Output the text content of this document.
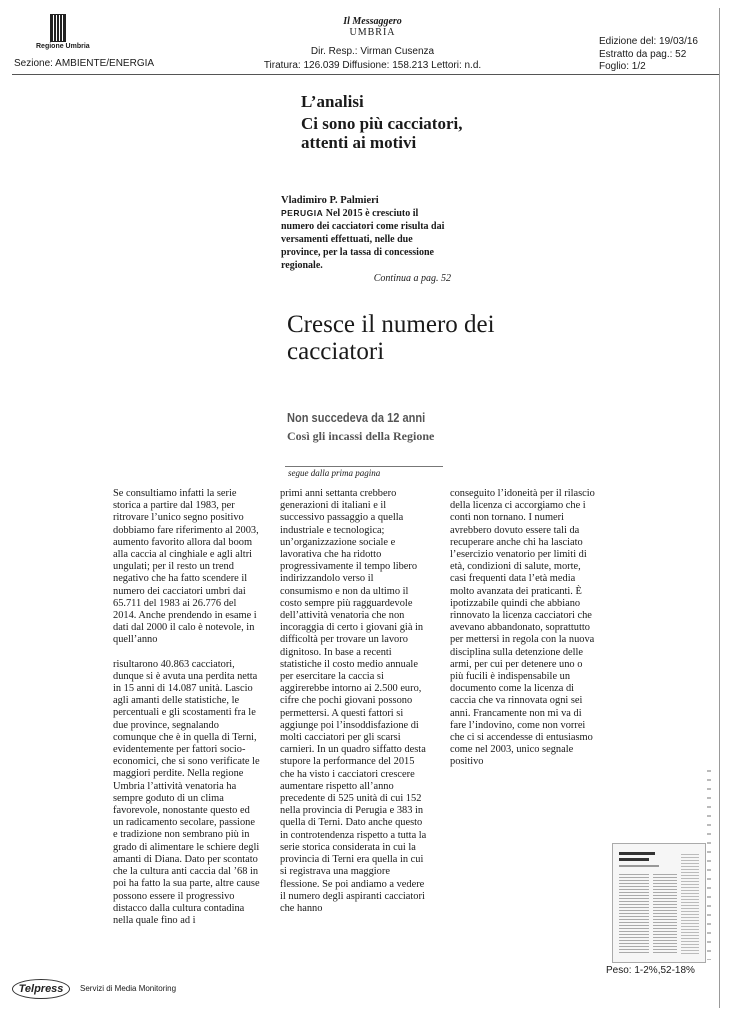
Regione Umbria
Sezione: AMBIENTE/ENERGIA
Il Messaggero
UMBRIA
Dir. Resp.: Virman Cusenza
Tiratura: 126.039 Diffusione: 158.213 Lettori: n.d.
Edizione del: 19/03/16
Estratto da pag.: 52
Foglio: 1/2
L’analisi
Ci sono più cacciatori, attenti ai motivi
Vladimiro P. Palmieri
PERUGIA Nel 2015 è cresciuto il numero dei cacciatori come risulta dai versamenti effettuati, nelle due province, per la tassa di concessione regionale.
Continua a pag. 52
Cresce il numero dei cacciatori
Non succedeva da 12 anni
Così gli incassi della Regione
segue dalla prima pagina

Se consultiamo infatti la serie storica a partire dal 1983, per ritrovare l’unico segno positivo dobbiamo fare riferimento al 2003, aumento favorito allora dal boom alla caccia al cinghiale e agli altri ungulati; per il resto un trend negativo che ha fatto scendere il numero dei cacciatori umbri dai 65.711 del 1983 ai 26.776 del 2014. Anche prendendo in esame i dati dal 2000 il calo è notevole, in quell’anno

risultarono 40.863 cacciatori, dunque si è avuta una perdita netta in 15 anni di 14.087 unità. Lascio agli amanti delle statistiche, le percentuali e gli scostamenti fra le due province, segnalando comunque che è in quella di Terni, evidentemente per fattori socio-economici, che si sono verificate le maggiori perdite. Nella regione Umbria l’attività venatoria ha sempre goduto di un clima favorevole, nonostante questo ed un radicamento secolare, passione e tradizione non sembrano più in grado di alimentare le schiere degli amanti di Diana. Dato per scontato che la cultura anti caccia dal ’68 in poi ha fatto la sua parte, altre cause possono essere il progressivo distacco dalla cultura contadina nella quale fino ad i

primi anni settanta crebbero generazioni di italiani e il successivo passaggio a quella industriale e tecnologica; un’organizzazione sociale e lavorativa che ha ridotto progressivamente il tempo libero indirizzandolo verso il consumismo e non da ultimo il costo sempre più ragguardevole dell’attività venatoria che non incoraggia di certo i giovani già in difficoltà per trovare un lavoro dignitoso. In base a recenti statistiche il costo medio annuale per esercitare la caccia si aggirerebbe intorno ai 2.500 euro, cifre che pochi giovani possono permettersi. A questi fattori si aggiunge poi l’insoddisfazione di molti cacciatori per gli scarsi carnieri. In un quadro siffatto desta stupore la performance del 2015 che ha visto i cacciatori crescere aumentare rispetto all’anno precedente di 525 unità di cui 152 nella provincia di Perugia e 383 in quella di Terni. Dato anche questo in controtendenza rispetto a tutta la serie storica considerata in cui la provincia di Terni era quella in cui si registrava una maggiore flessione. Se poi andiamo a vedere il numero degli aspiranti cacciatori che hanno

conseguito l’idoneità per il rilascio della licenza ci accorgiamo che i conti non tornano. I numeri avrebbero dovuto essere tali da recuperare anche chi ha lasciato l’esercizio venatorio per limiti di età, condizioni di salute, morte, casi frequenti data l’età media molto avanzata dei praticanti. È ipotizzabile quindi che abbiano rinnovato la licenza cacciatori che avevano abbandonato, soprattutto per mettersi in regola con la nuova disciplina sulla detenzione delle armi, per cui per detenere uno o più fucili è indispensabile un documento come la licenza di caccia che va rinnovata ogni sei anni. Francamente non mi va di fare l’indovino, come non vorrei che ci si accendesse di entusiasmo come nel 2003, unico segnale positivo

Peso: 1-2%,52-18%
Telpress	Servizi di Media Monitoring
